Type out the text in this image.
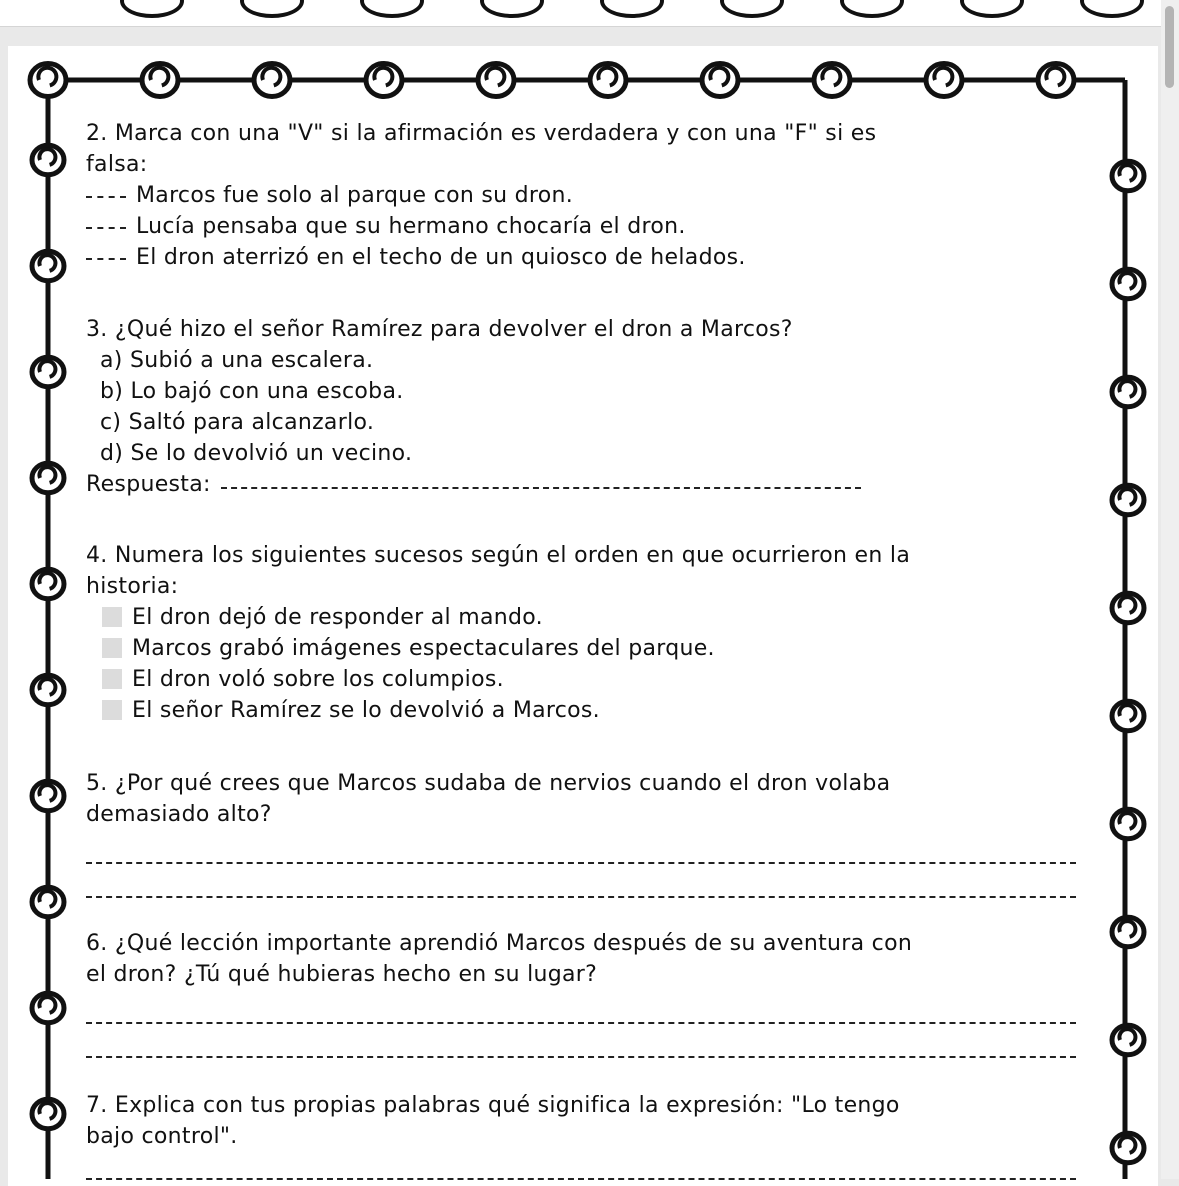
2. Marca con una "V" si la afirmación es verdadera y con una "F" si es

falsa:

Marcos fue solo al parque con su dron.

Lucía pensaba que su hermano chocaría el dron.

El dron aterrizó en el techo de un quiosco de helados.

3. ¿Qué hizo el señor Ramírez para devolver el dron a Marcos?

a) Subió a una escalera.

b) Lo bajó con una escoba.

c) Saltó para alcanzarlo.

d) Se lo devolvió un vecino.

Respuesta:

4. Numera los siguientes sucesos según el orden en que ocurrieron en la

historia:

El dron dejó de responder al mando.

Marcos grabó imágenes espectaculares del parque.

El dron voló sobre los columpios.

El señor Ramírez se lo devolvió a Marcos.

5. ¿Por qué crees que Marcos sudaba de nervios cuando el dron volaba

demasiado alto?

6. ¿Qué lección importante aprendió Marcos después de su aventura con

el dron? ¿Tú qué hubieras hecho en su lugar?

7. Explica con tus propias palabras qué significa la expresión: "Lo tengo

bajo control".
